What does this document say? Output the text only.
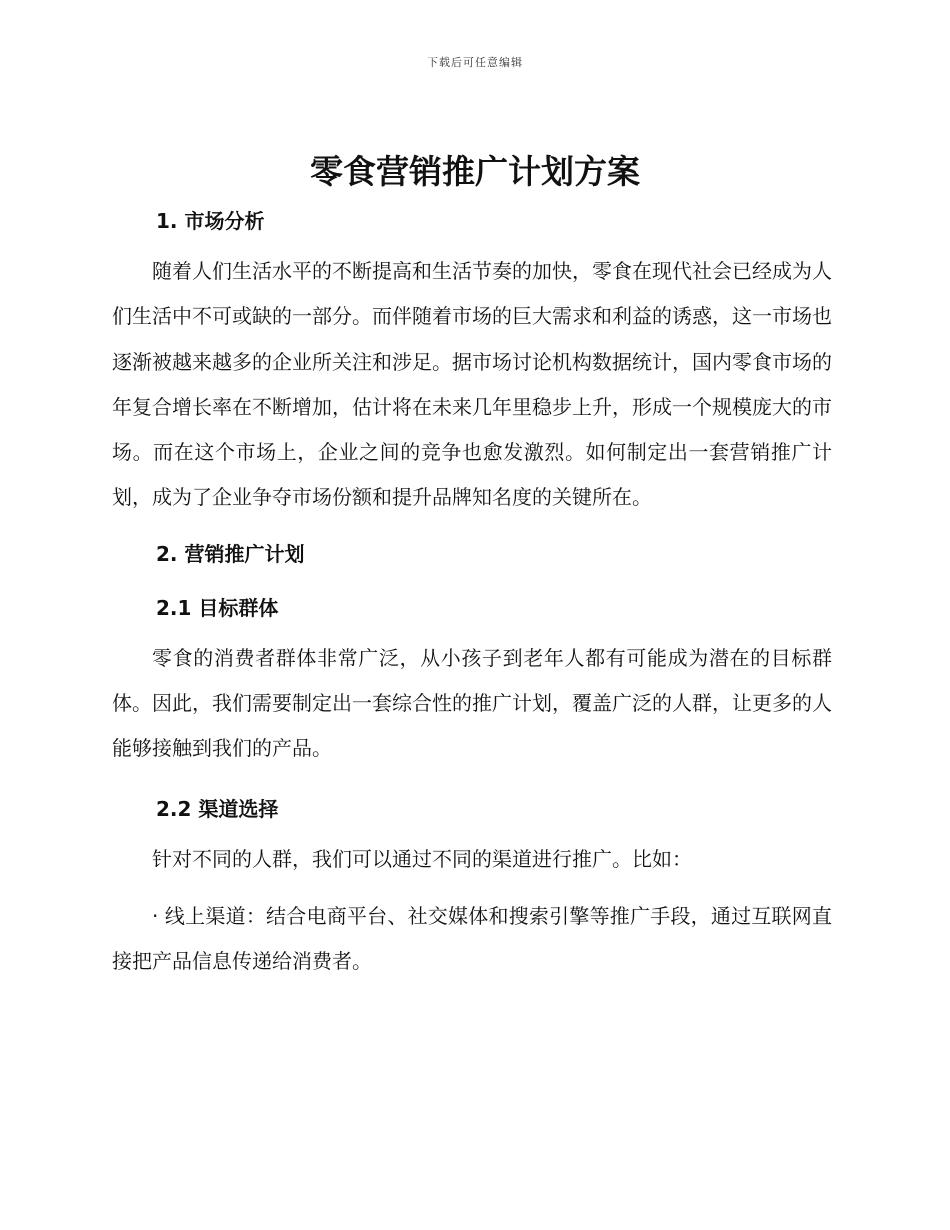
下载后可任意编辑
零食营销推广计划方案
1. 市场分析

随着人们生活水平的不断提高和生活节奏的加快，零食在现代社会已经成为人们生活中不可或缺的一部分。而伴随着市场的巨大需求和利益的诱惑，这一市场也逐渐被越来越多的企业所关注和涉足。据市场讨论机构数据统计，国内零食市场的年复合增长率在不断增加，估计将在未来几年里稳步上升，形成一个规模庞大的市场。而在这个市场上，企业之间的竞争也愈发激烈。如何制定出一套营销推广计划，成为了企业争夺市场份额和提升品牌知名度的关键所在。

2. 营销推广计划
2.1 目标群体

零食的消费者群体非常广泛，从小孩子到老年人都有可能成为潜在的目标群体。因此，我们需要制定出一套综合性的推广计划，覆盖广泛的人群，让更多的人能够接触到我们的产品。

2.2 渠道选择

针对不同的人群，我们可以通过不同的渠道进行推广。比如：

· 线上渠道：结合电商平台、社交媒体和搜索引擎等推广手段，通过互联网直接把产品信息传递给消费者。
